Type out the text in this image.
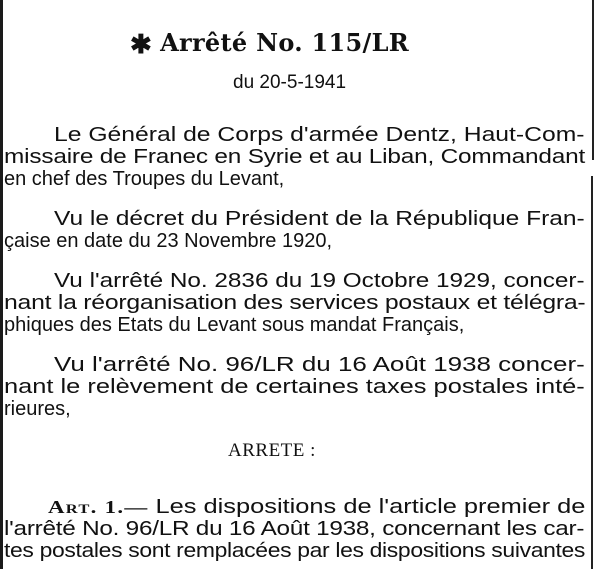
✱ Arrêté No. 115/LR
du 20-5-1941
Le Général de Corps d'armée Dentz, Haut-Com-
missaire de Franec en Syrie et au Liban, Commandant
en chef des Troupes du Levant,
Vu le décret du Président de la République Fran-
çaise en date du 23 Novembre 1920,
Vu l'arrêté No. 2836 du 19 Octobre 1929, concer-
nant la réorganisation des services postaux et télégra-
phiques des Etats du Levant sous mandat Français,
Vu l'arrêté No. 96/LR du 16 Août 1938 concer-
nant le relèvement de certaines taxes postales inté-
rieures,
ARRETE :
Art. 1.— Les dispositions de l'article premier de
l'arrêté No. 96/LR du 16 Août 1938, concernant les car-
tes postales sont remplacées par les dispositions suivantes
